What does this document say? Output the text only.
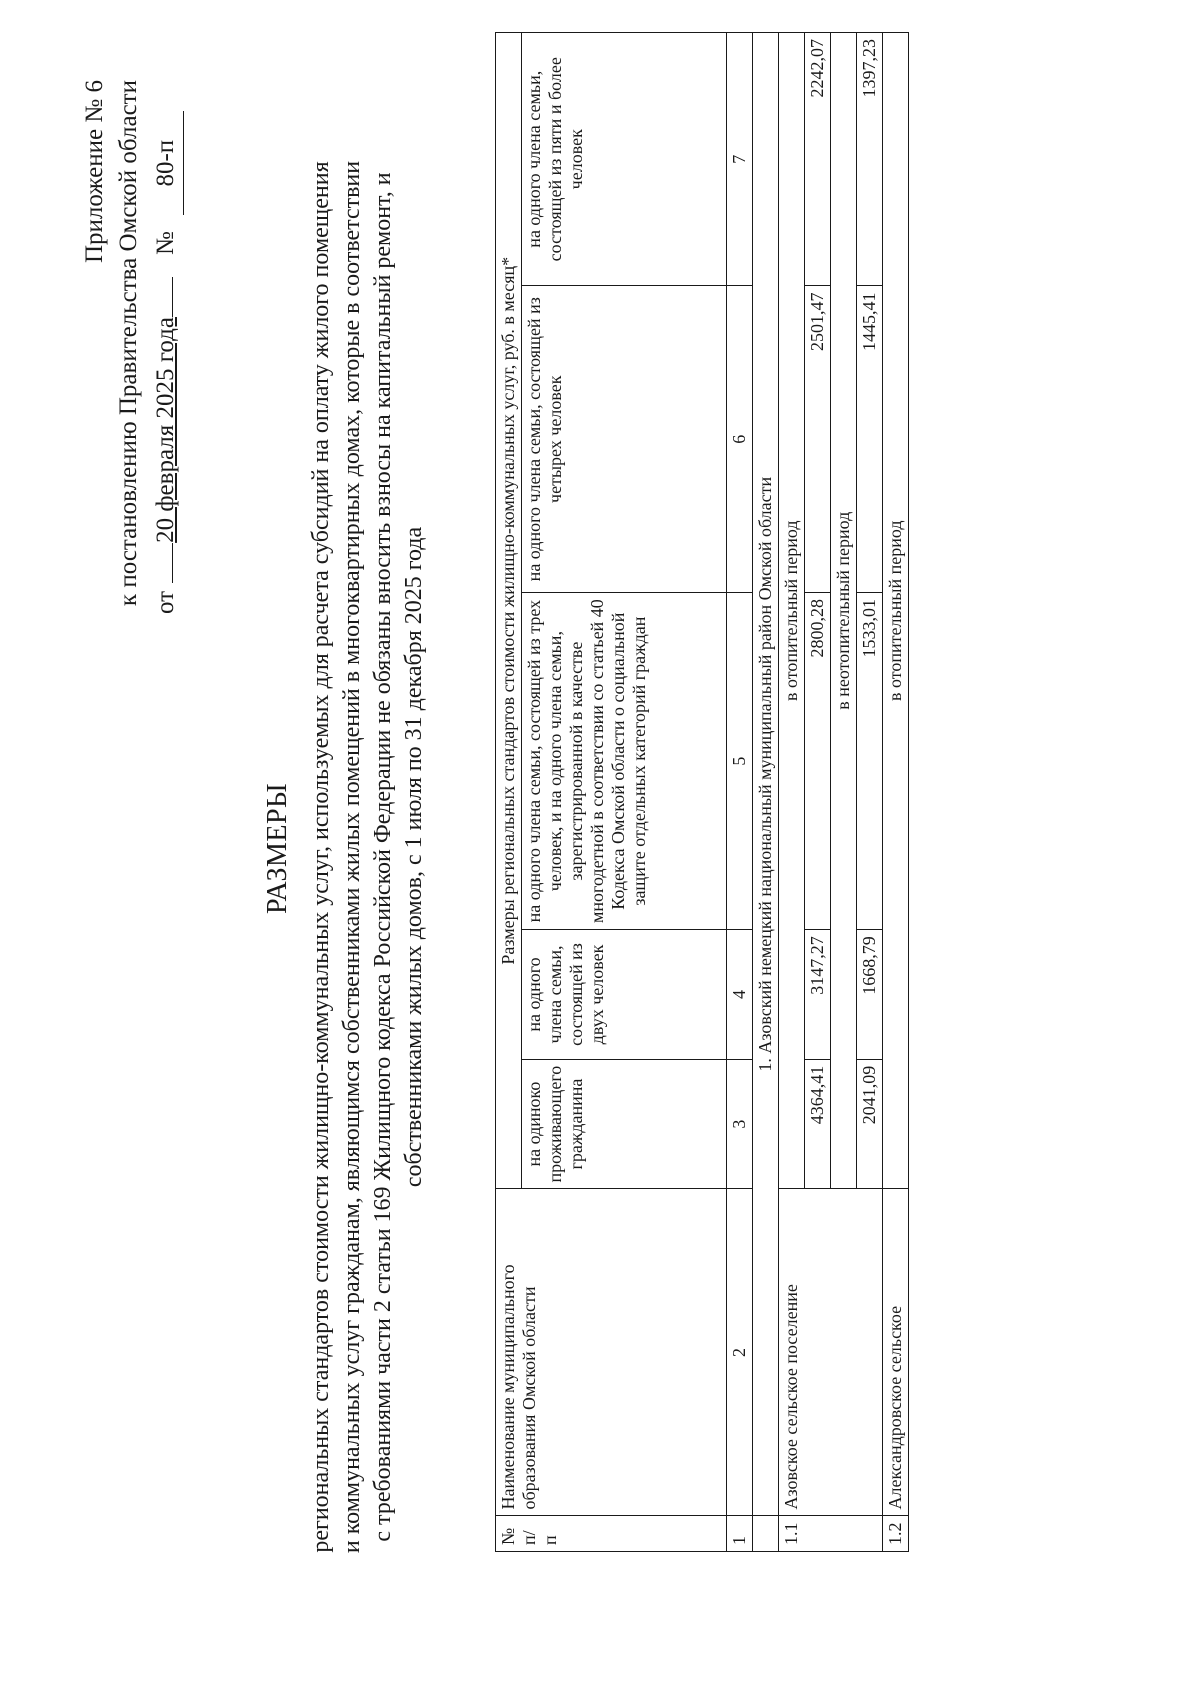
Приложение № 6 к постановлению Правительства Омской области от20 февраля 2025 года№80-п
РАЗМЕРЫ региональных стандартов стоимости жилищно-коммунальных услуг, используемых для расчета субсидий на оплату жилого помещения и коммунальных услуг гражданам, являющимся собственниками жилых помещений в многоквартирных домах, которые в соответствии с требованиями части 2 статьи 169 Жилищного кодекса Российской Федерации не обязаны вносить взносы на капитальный ремонт, и собственниками жилых домов, с 1 июля по 31 декабря 2025 года
№ п/п	Наименование муниципального образования Омской области	Размеры региональных стандартов стоимости жилищно-коммунальных услуг, руб. в месяц*				
		на одиноко проживающего гражданина	на одного члена семьи, состоящей из двух человек	на одного члена семьи, состоящей из трех человек, и на одного члена семьи, зарегистрированной в качестве многодетной в соответствии со статьей 40 Кодекса Омской области о социальной защите отдельных категорий граждан	на одного члена семьи, состоящей из четырех человек	на одного члена семьи, состоящей из пяти и более человек
1	2	3	4	5	6	7
	1. Азовский немецкий национальный муниципальный район Омской области					
1.1	Азовское сельское поселение	в отопительный период				
		4364,41	3147,27	2800,28	2501,47	2242,07
		в неотопительный период				
		2041,09	1668,79	1533,01	1445,41	1397,23
1.2	Александровское сельское	в отопительный период				
